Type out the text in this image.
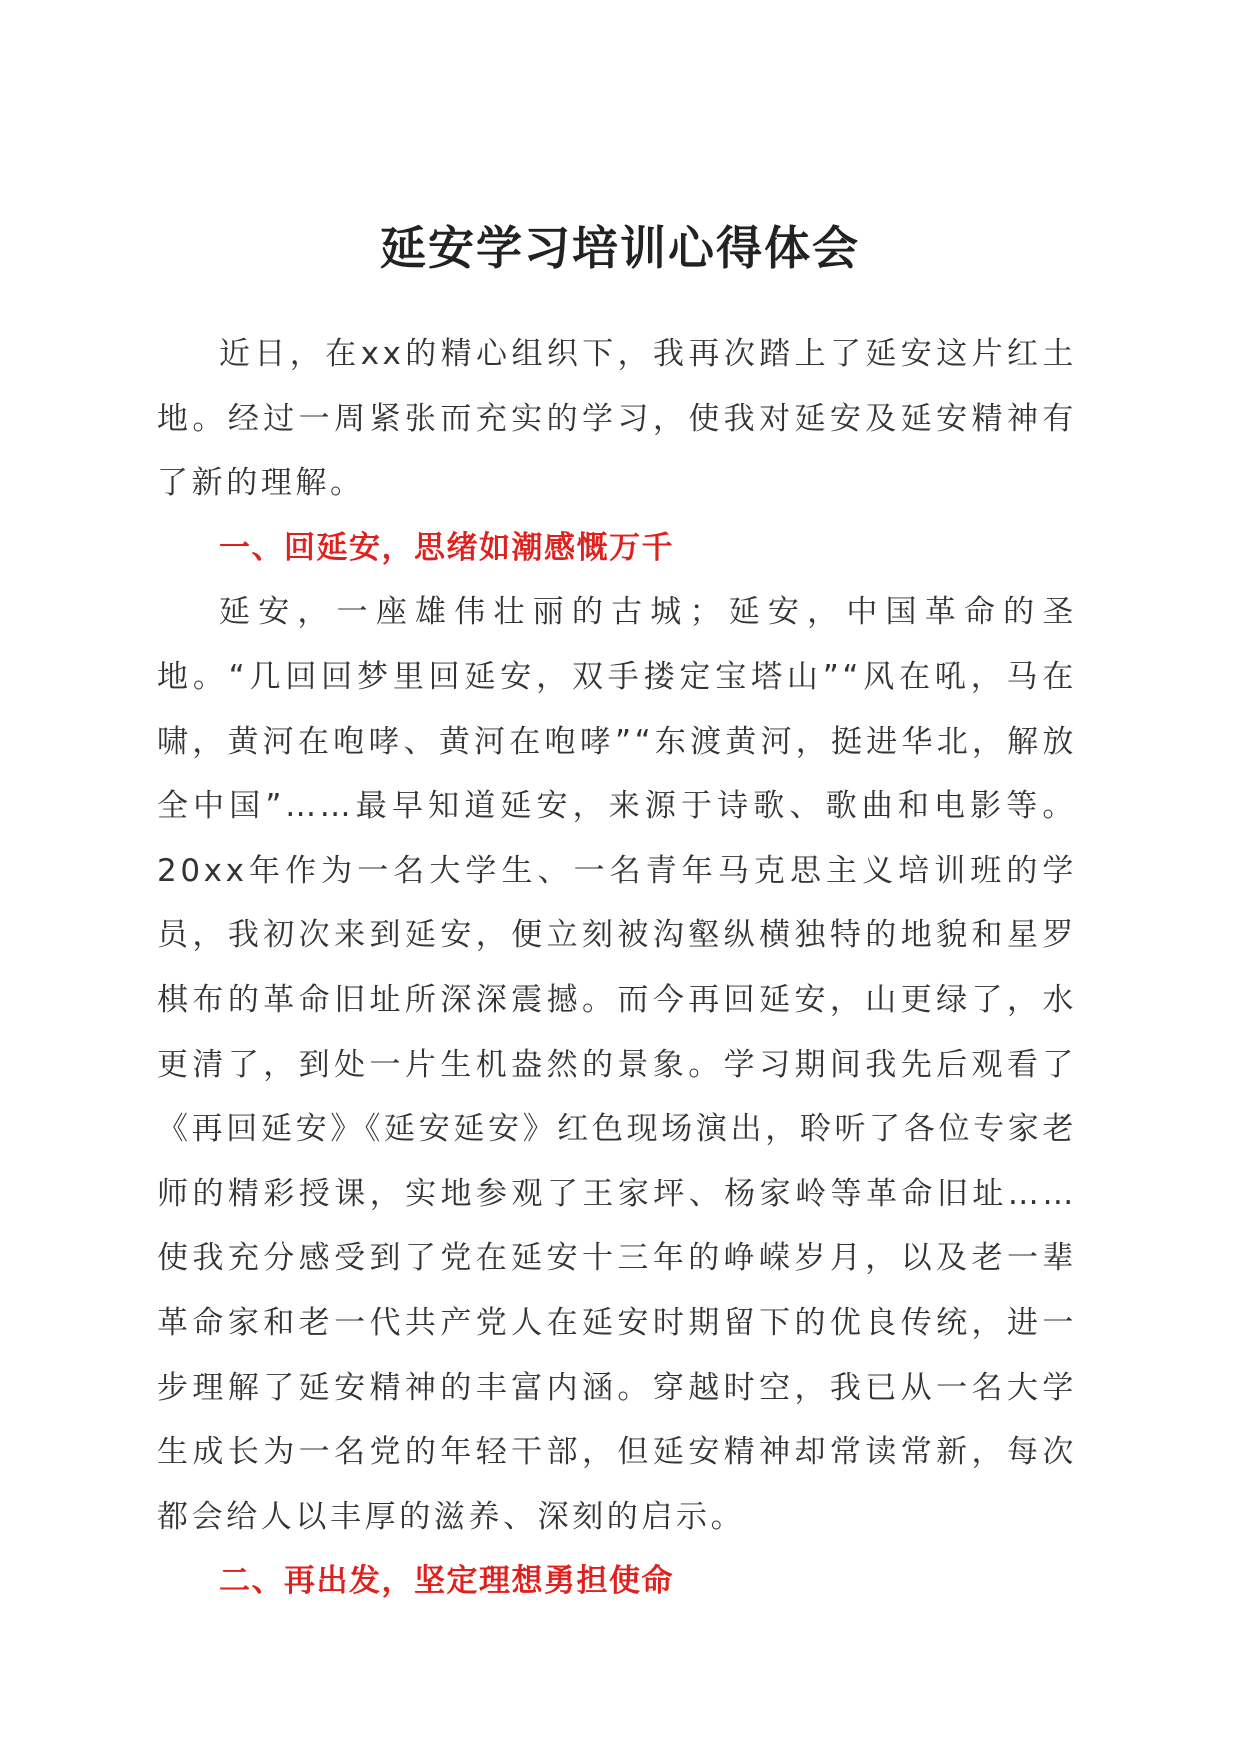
延安学习培训心得体会

近日，在xx的精心组织下，我再次踏上了延安这片红土地。经过一周紧张而充实的学习，使我对延安及延安精神有了新的理解。

一、回延安，思绪如潮感慨万千

延安，一座雄伟壮丽的古城；延安，中国革命的圣地。“几回回梦里回延安，双手搂定宝塔山”“风在吼，马在啸，黄河在咆哮、黄河在咆哮”“东渡黄河，挺进华北，解放全中国”……最早知道延安，来源于诗歌、歌曲和电影等。20xx年作为一名大学生、一名青年马克思主义培训班的学员，我初次来到延安，便立刻被沟壑纵横独特的地貌和星罗棋布的革命旧址所深深震撼。而今再回延安，山更绿了，水更清了，到处一片生机盎然的景象。学习期间我先后观看了《再回延安》《延安延安》红色现场演出，聆听了各位专家老师的精彩授课，实地参观了王家坪、杨家岭等革命旧址……使我充分感受到了党在延安十三年的峥嵘岁月，以及老一辈革命家和老一代共产党人在延安时期留下的优良传统，进一步理解了延安精神的丰富内涵。穿越时空，我已从一名大学生成长为一名党的年轻干部，但延安精神却常读常新，每次都会给人以丰厚的滋养、深刻的启示。

二、再出发，坚定理想勇担使命
